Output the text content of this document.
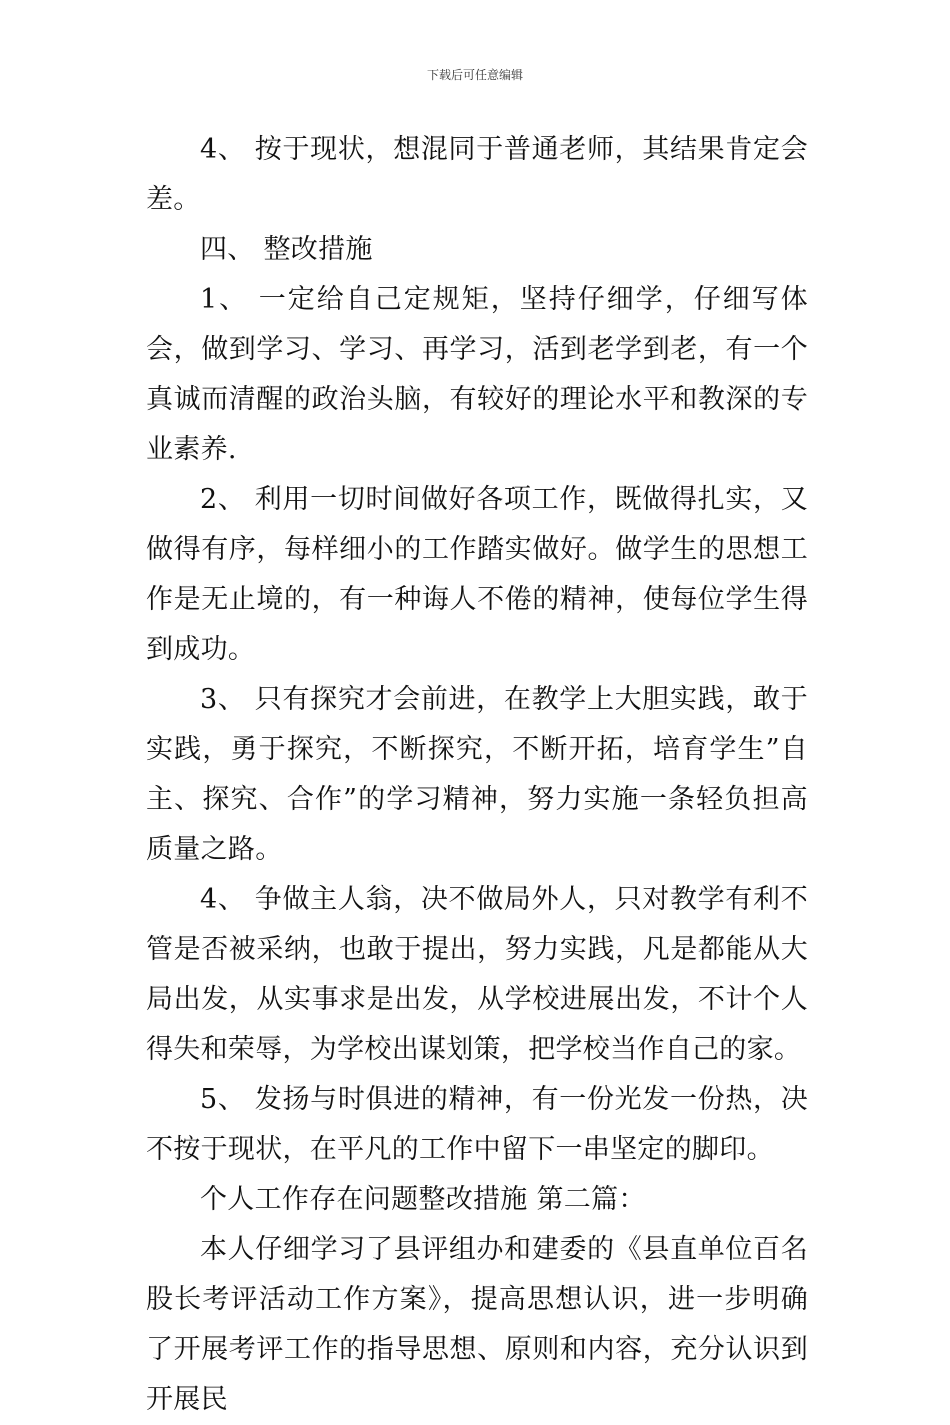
下载后可任意编辑

4、 按于现状，想混同于普通老师，其结果肯定会差。

四、 整改措施

1、 一定给自己定规矩，坚持仔细学，仔细写体会，做到学习、学习、再学习，活到老学到老，有一个真诚而清醒的政治头脑，有较好的理论水平和教深的专业素养.

2、 利用一切时间做好各项工作，既做得扎实，又做得有序，每样细小的工作踏实做好。做学生的思想工作是无止境的，有一种诲人不倦的精神，使每位学生得到成功。

3、 只有探究才会前进，在教学上大胆实践，敢于实践，勇于探究，不断探究，不断开拓，培育学生”自主、探究、合作”的学习精神，努力实施一条轻负担高质量之路。

4、 争做主人翁，决不做局外人，只对教学有利不管是否被采纳，也敢于提出，努力实践，凡是都能从大局出发，从实事求是出发，从学校进展出发，不计个人得失和荣辱，为学校出谋划策，把学校当作自己的家。

5、 发扬与时俱进的精神，有一份光发一份热，决不按于现状，在平凡的工作中留下一串坚定的脚印。

个人工作存在问题整改措施 第二篇：

本人仔细学习了县评组办和建委的《县直单位百名股长考评活动工作方案》，提高思想认识，进一步明确了开展考评工作的指导思想、原则和内容，充分认识到开展民
